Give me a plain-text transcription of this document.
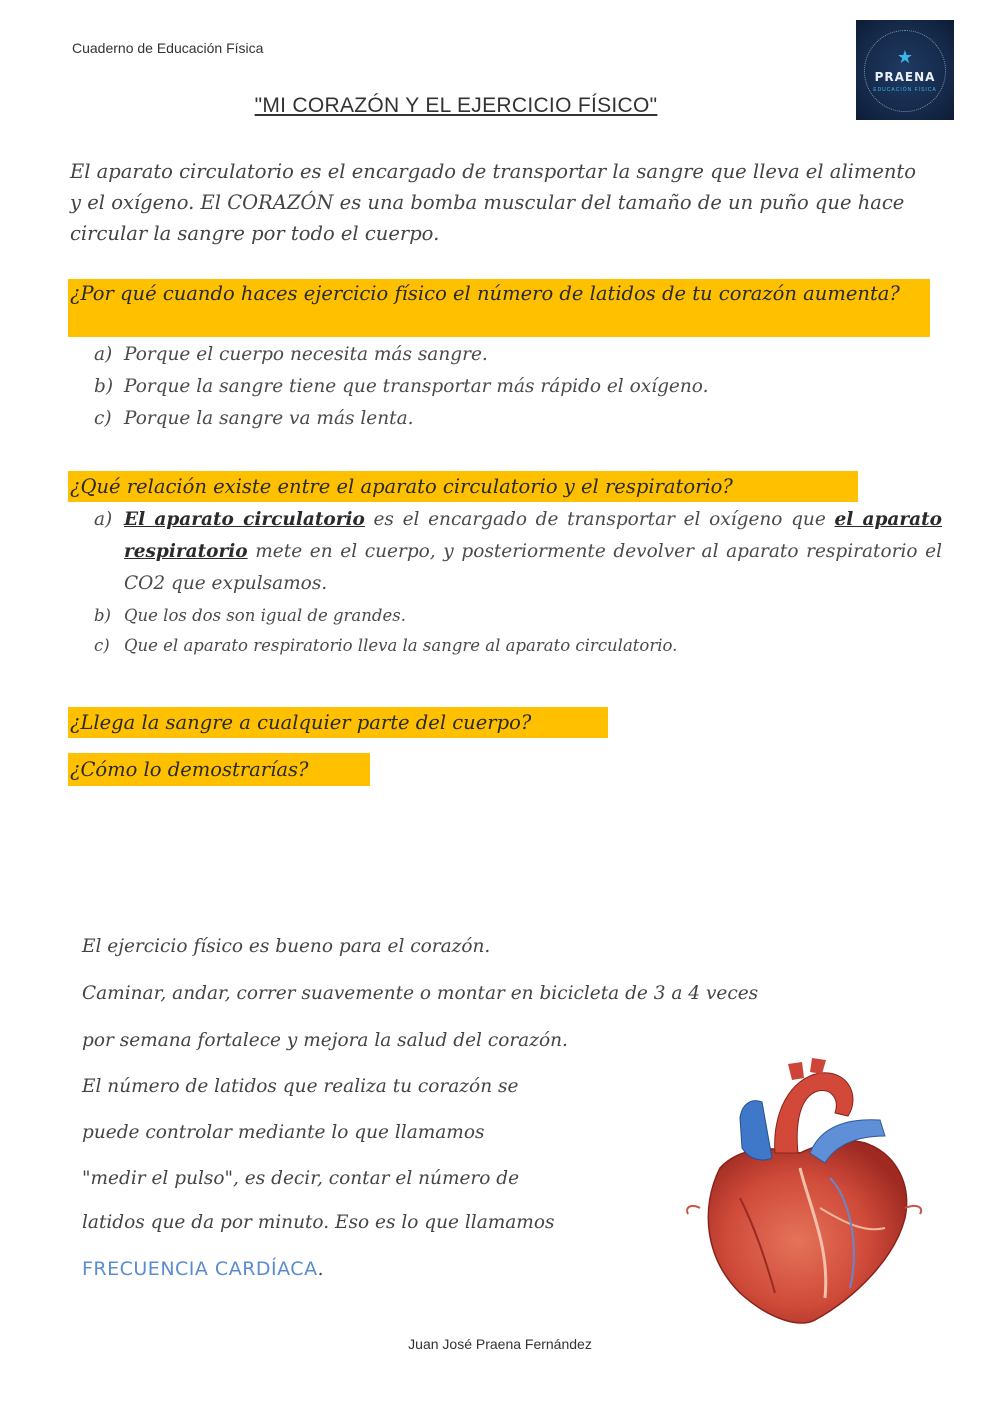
Cuaderno de Educación Física	★
PRAENA
EDUCACIÓN FÍSICA
"MI CORAZÓN Y EL EJERCICIO FÍSICO"
El aparato circulatorio es el encargado de transportar la sangre que lleva el alimento y el oxígeno. El CORAZÓN es una bomba muscular del tamaño de un puño que hace circular la sangre por todo el cuerpo.
¿Por qué cuando haces ejercicio físico el número de latidos de tu corazón aumenta?
a) Porque el cuerpo necesita más sangre.
b) Porque la sangre tiene que transportar más rápido el oxígeno.
c) Porque la sangre va más lenta.
¿Qué relación existe entre el aparato circulatorio y el respiratorio?
a) El aparato circulatorio es el encargado de transportar el oxígeno que el aparato respiratorio mete en el cuerpo, y posteriormente devolver al aparato respiratorio el CO2 que expulsamos.
b) Que los dos son igual de grandes.
c) Que el aparato respiratorio lleva la sangre al aparato circulatorio.
¿Llega la sangre a cualquier parte del cuerpo?
¿Cómo lo demostrarías?
El ejercicio físico es bueno para el corazón.
Caminar, andar, correr suavemente o montar en bicicleta de 3 a 4 veces
por semana fortalece y mejora la salud del corazón.
El número de latidos que realiza tu corazón se
puede controlar mediante lo que llamamos
"medir el pulso", es decir, contar el número de
latidos que da por minuto. Eso es lo que llamamos
FRECUENCIA CARDÍACA.
Juan José Praena Fernández
